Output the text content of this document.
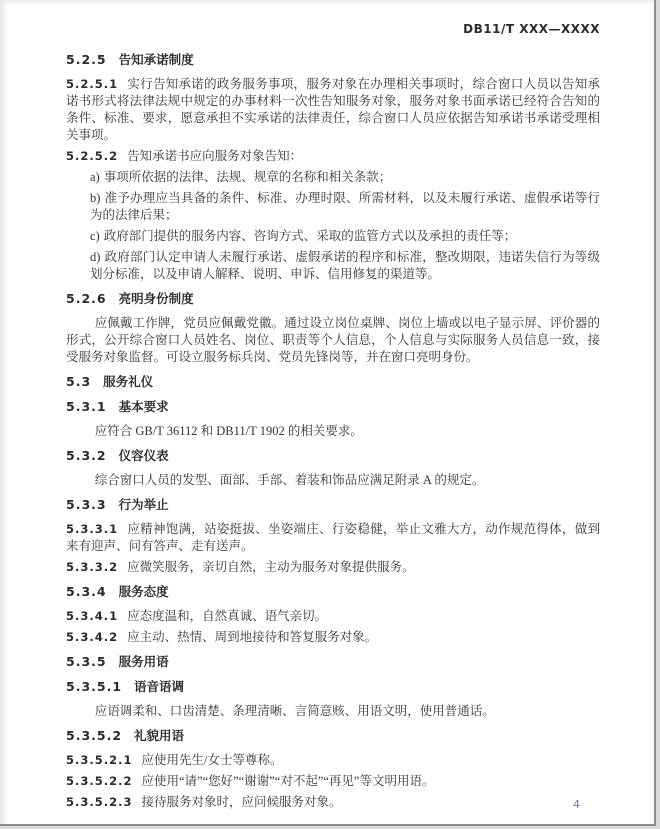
DB11/T XXX—XXXX
5.2.5 告知承诺制度

5.2.5.1 实行告知承诺的政务服务事项，服务对象在办理相关事项时，综合窗口人员以告知承诺书形式将法律法规中规定的办事材料一次性告知服务对象，服务对象书面承诺已经符合告知的条件、标准、要求，愿意承担不实承诺的法律责任，综合窗口人员应依据告知承诺书承诺受理相关事项。

5.2.5.2 告知承诺书应向服务对象告知：

a) 事项所依据的法律、法规、规章的名称和相关条款；

b) 准予办理应当具备的条件、标准、办理时限、所需材料，以及未履行承诺、虚假承诺等行为的法律后果；

c) 政府部门提供的服务内容、咨询方式、采取的监管方式以及承担的责任等；

d) 政府部门认定申请人未履行承诺、虚假承诺的程序和标准，整改期限，违诺失信行为等级划分标准，以及申请人解释、说明、申诉、信用修复的渠道等。

5.2.6 亮明身份制度

应佩戴工作牌，党员应佩戴党徽。通过设立岗位桌牌、岗位上墙或以电子显示屏、评价器的形式，公开综合窗口人员姓名、岗位、职责等个人信息，个人信息与实际服务人员信息一致，接受服务对象监督。可设立服务标兵岗、党员先锋岗等，并在窗口亮明身份。

5.3 服务礼仪
5.3.1 基本要求

应符合 GB/T 36112 和 DB11/T 1902 的相关要求。

5.3.2 仪容仪表

综合窗口人员的发型、面部、手部、着装和饰品应满足附录 A 的规定。

5.3.3 行为举止

5.3.3.1 应精神饱满，站姿挺拔、坐姿端庄、行姿稳健，举止文雅大方，动作规范得体，做到来有迎声、问有答声、走有送声。

5.3.3.2 应微笑服务，亲切自然，主动为服务对象提供服务。

5.3.4 服务态度

5.3.4.1 应态度温和，自然真诚、语气亲切。

5.3.4.2 应主动、热情、周到地接待和答复服务对象。

5.3.5 服务用语
5.3.5.1 语音语调

应语调柔和、口齿清楚、条理清晰、言简意赅、用语文明，使用普通话。

5.3.5.2 礼貌用语

5.3.5.2.1 应使用先生/女士等尊称。

5.3.5.2.2 应使用“请”“您好”“谢谢”“对不起”“再见”等文明用语。

5.3.5.2.3 接待服务对象时，应问候服务对象。	4
